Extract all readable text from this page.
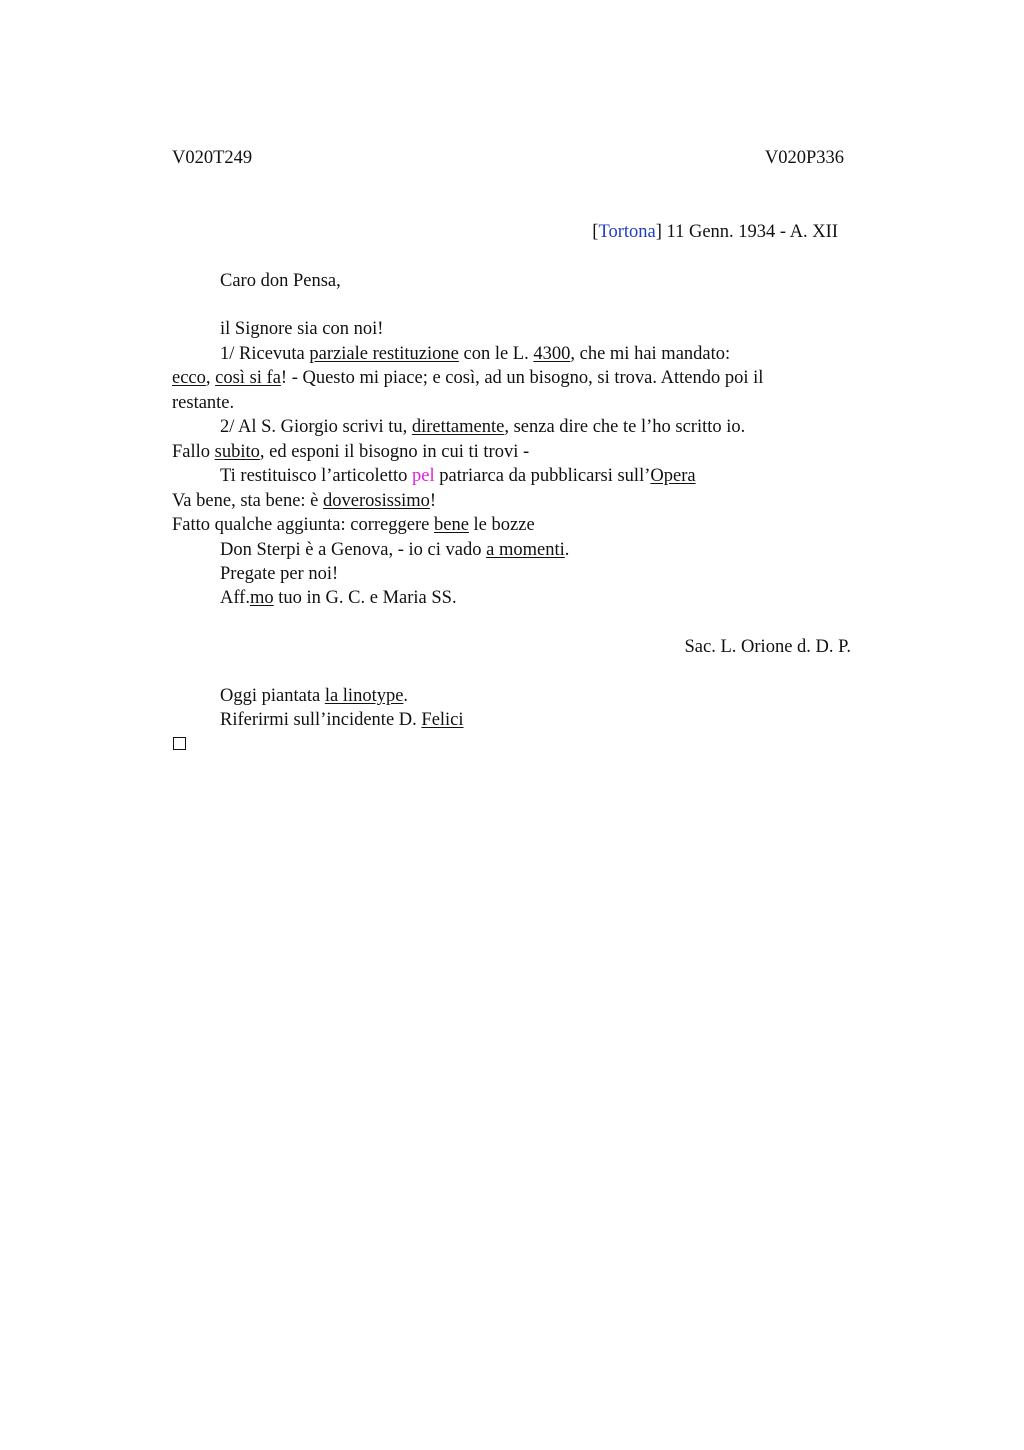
V020T249	V020P336
[Tortona] 11 Genn. 1934 - A. XII
Caro don Pensa,
il Signore sia con noi!
1/ Ricevuta parziale restituzione con le L. 4300, che mi hai mandato:
ecco, così si fa! - Questo mi piace; e così, ad un bisogno, si trova. Attendo poi il
restante.
2/ Al S. Giorgio scrivi tu, direttamente, senza dire che te l’ho scritto io.
Fallo subito, ed esponi il bisogno in cui ti trovi -
Ti restituisco l’articoletto pel patriarca da pubblicarsi sull’Opera
Va bene, sta bene: è doverosissimo!
Fatto qualche aggiunta: correggere bene le bozze
Don Sterpi è a Genova, - io ci vado a momenti.
Pregate per noi!
Aff.mo tuo in G. C. e Maria SS.
Sac. L. Orione d. D. P.
Oggi piantata la linotype.
Riferirmi sull’incidente D. Felici
